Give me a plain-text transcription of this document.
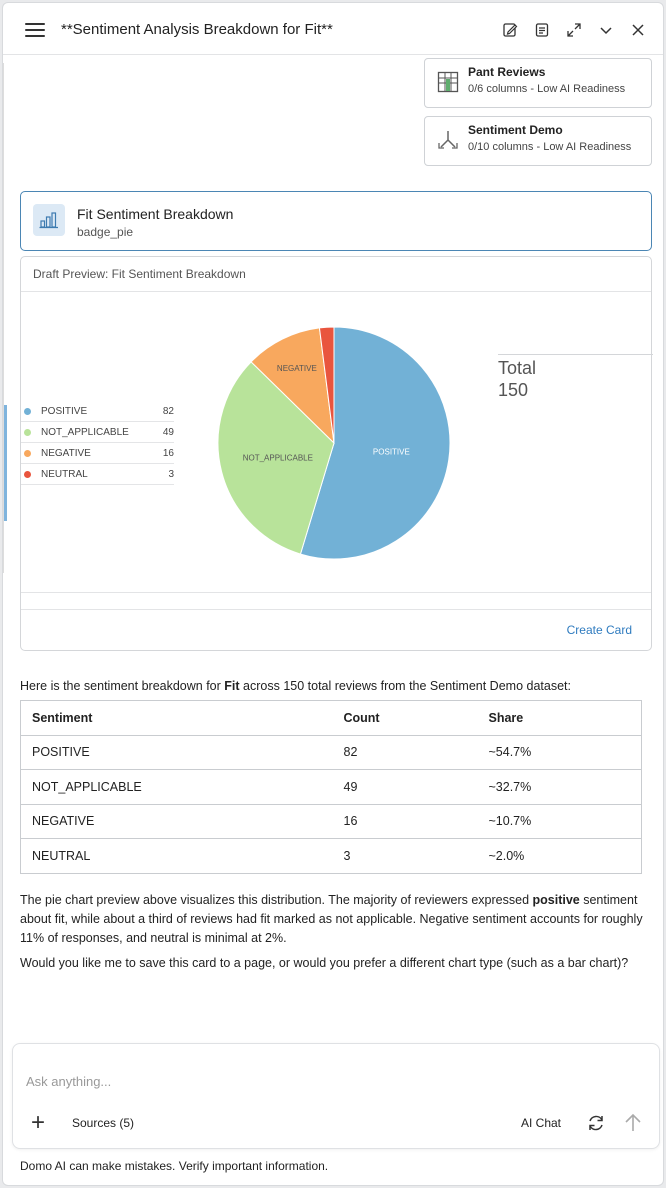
**Sentiment Analysis Breakdown for Fit**
Pant Reviews
0/6 columns - Low AI Readiness
Sentiment Demo
0/10 columns - Low AI Readiness
Fit Sentiment Breakdown
badge_pie
Draft Preview: Fit Sentiment Breakdown
POSITIVE	82
NOT_APPLICABLE	49
NEGATIVE	16
NEUTRAL	3
POSITIVE
NOT_APPLICABLE
NEGATIVE	Total
150
Create Card
Here is the sentiment breakdown for Fit across 150 total reviews from the Sentiment Demo dataset:
Sentiment	Count	Share
POSITIVE	82	~54.7%
NOT_APPLICABLE	49	~32.7%
NEGATIVE	16	~10.7%
NEUTRAL	3	~2.0%
The pie chart preview above visualizes this distribution. The majority of reviewers expressed positive sentiment about fit, while about a third of reviews had fit marked as not applicable. Negative sentiment accounts for roughly 11% of responses, and neutral is minimal at 2%.
Would you like me to save this card to a page, or would you prefer a different chart type (such as a bar chart)?
Ask anything...
+ Sources (5)	AI Chat
Domo AI can make mistakes. Verify important information.
